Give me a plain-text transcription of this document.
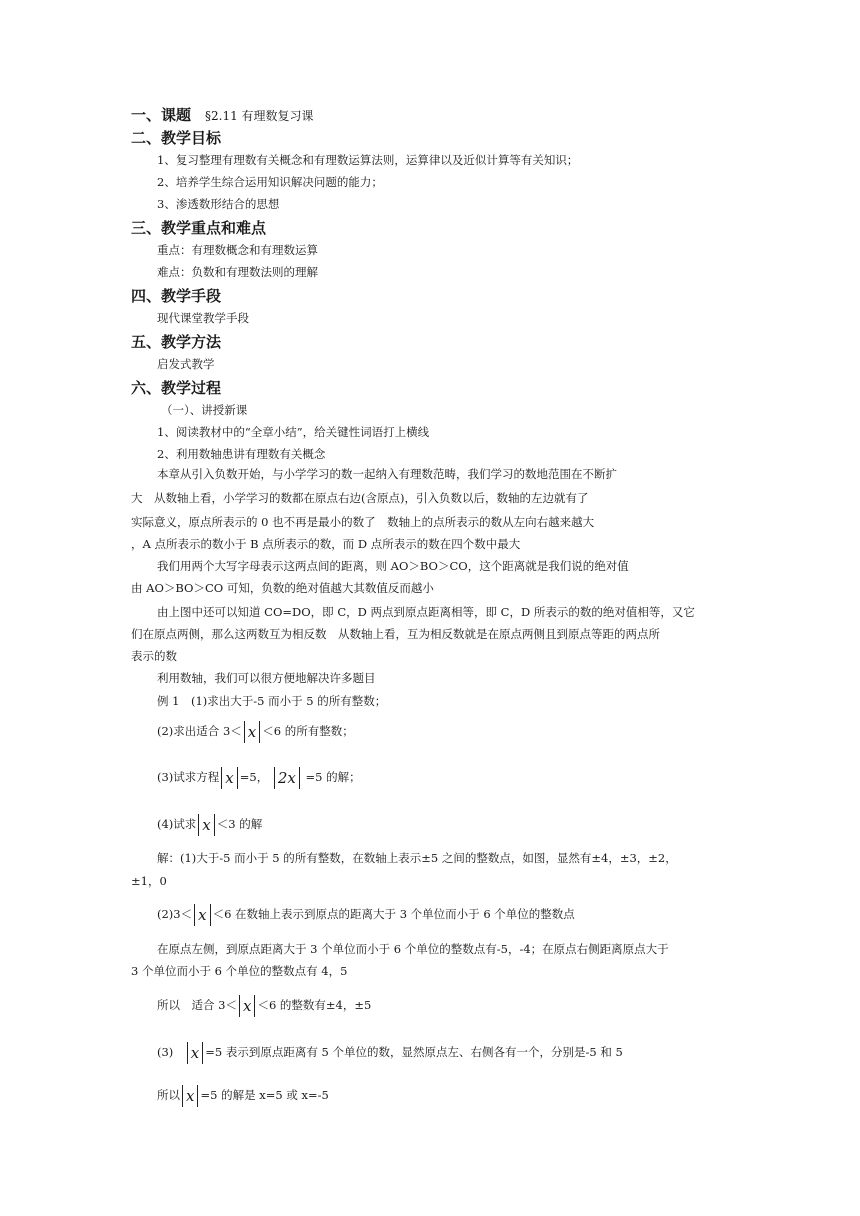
一、课题 §2.11 有理数复习课
二、教学目标
1、复习整理有理数有关概念和有理数运算法则，运算律以及近似计算等有关知识；
2、培养学生综合运用知识解决问题的能力；
3、渗透数形结合的思想
三、教学重点和难点
重点：有理数概念和有理数运算
难点：负数和有理数法则的理解
四、教学手段
现代课堂教学手段
五、教学方法
启发式教学
六、教学过程
（一）、讲授新课
1、阅读教材中的“全章小结”，给关键性词语打上横线
2、利用数轴患讲有理数有关概念
本章从引入负数开始，与小学学习的数一起纳入有理数范畴，我们学习的数地范围在不断扩
大　从数轴上看，小学学习的数都在原点右边(含原点)，引入负数以后，数轴的左边就有了
实际意义，原点所表示的 0 也不再是最小的数了　数轴上的点所表示的数从左向右越来越大
，A 点所表示的数小于 B 点所表示的数，而 D 点所表示的数在四个数中最大
我们用两个大写字母表示这两点间的距离，则 AO＞BO＞CO，这个距离就是我们说的绝对值
由 AO＞BO＞CO 可知，负数的绝对值越大其数值反而越小
由上图中还可以知道 CO=DO，即 C，D 两点到原点距离相等，即 C，D 所表示的数的绝对值相等，又它
们在原点两侧，那么这两数互为相反数　从数轴上看，互为相反数就是在原点两侧且到原点等距的两点所
表示的数
利用数轴，我们可以很方便地解决许多题目
例 1　(1)求出大于-5 而小于 5 的所有整数；
(2)求出适合 3＜ x ＜6 的所有整数；
(3)试求方程 x =5， 2x =5 的解；
(4)试求 x ＜3 的解
解：(1)大于-5 而小于 5 的所有整数，在数轴上表示±5 之间的整数点，如图，显然有±4，±3，±2，
±1，0
(2)3＜ x ＜6 在数轴上表示到原点的距离大于 3 个单位而小于 6 个单位的整数点
在原点左侧，到原点距离大于 3 个单位而小于 6 个单位的整数点有-5，-4；在原点右侧距离原点大于
3 个单位而小于 6 个单位的整数点有 4，5
所以　适合 3＜ x ＜6 的整数有±4，±5
(3)　x =5 表示到原点距离有 5 个单位的数，显然原点左、右侧各有一个，分别是-5 和 5
所以 x =5 的解是 x=5 或 x=-5
